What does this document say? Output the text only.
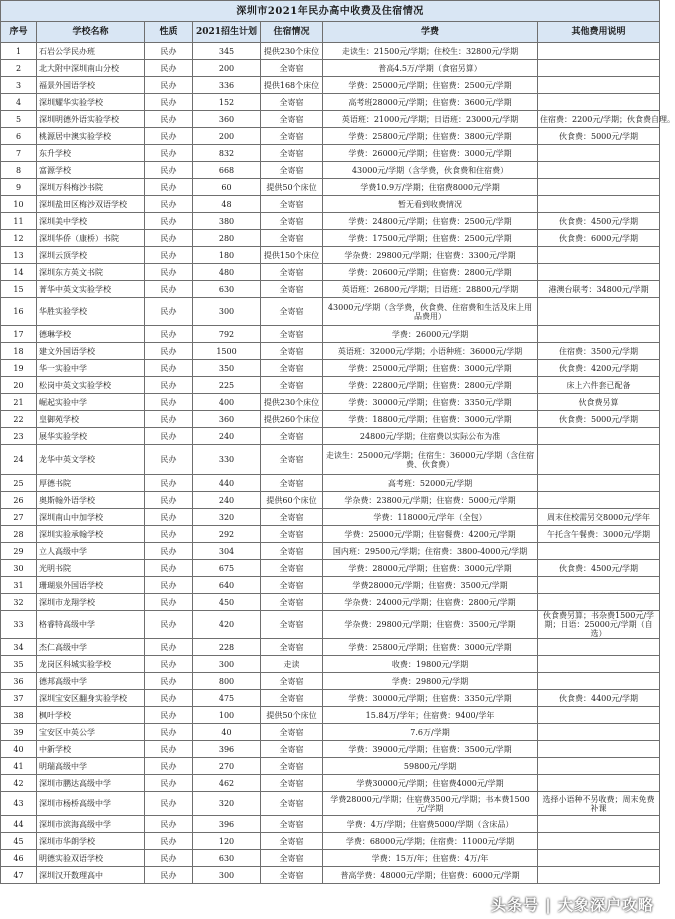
深圳市2021年民办高中收费及住宿情况						
序号	学校名称	性质	2021招生计划	住宿情况	学费	其他费用说明
1	石岩公学民办班	民办	345	提供230个床位	走读生：21500元/学期；住校生：32800元/学期	
2	北大附中深圳南山分校	民办	200	全寄宿	普高4.5万/学期（食宿另算）	
3	福景外国语学校	民办	336	提供168个床位	学费：25000元/学期；住宿费：2500元/学期	
4	深圳耀华实验学校	民办	152	全寄宿	高考班28000元/学期；住宿费：3600元/学期	
5	深圳明德外语实验学校	民办	360	全寄宿	英语班：21000元/学期；日语班：23000元/学期	住宿费：2200元/学期；伙食费自理。
6	桃源居中澳实验学校	民办	200	全寄宿	学费：25800元/学期；住宿费：3800元/学期	伙食费：5000元/学期
7	东升学校	民办	832	全寄宿	学费：26000元/学期；住宿费：3000元/学期	
8	富源学校	民办	668	全寄宿	43000元/学期（含学费，伙食费和住宿费）	
9	深圳万科梅沙书院	民办	60	提供50个床位	学费10.9万/学期；住宿费8000元/学期	
10	深圳盐田区梅沙双语学校	民办	48	全寄宿	暂无看到收费情况	
11	深圳美中学校	民办	380	全寄宿	学费：24800元/学期；住宿费：2500元/学期	伙食费：4500元/学期
12	深圳华侨（康桥）书院	民办	280	全寄宿	学费：17500元/学期；住宿费：2500元/学期	伙食费：6000元/学期
13	深圳云顶学校	民办	180	提供150个床位	学杂费：29800元/学期；住宿费：3300元/学期	
14	深圳东方英文书院	民办	480	全寄宿	学费：20600元/学期；住宿费：2800元/学期	
15	菁华中英文实验学校	民办	630	全寄宿	英语班：26800元/学期；日语班：28800元/学期	港澳台联考：34800元/学期
16	华胜实验学校	民办	300	全寄宿	43000元/学期（含学费，伙食费、住宿费和生活及床上用品费用）	
17	德琳学校	民办	792	全寄宿	学费：26000元/学期	
18	建文外国语学校	民办	1500	全寄宿	英语班：32000元/学期；小语种班：36000元/学期	住宿费：3500元/学期
19	华一实验中学	民办	350	全寄宿	学费：25000元/学期；住宿费：3000元/学期	伙食费：4200元/学期
20	松岗中英文实验学校	民办	225	全寄宿	学费：22800元/学期；住宿费：2800元/学期	床上六件套已配备
21	崛起实验中学	民办	400	提供230个床位	学费：30000元/学期；住宿费：3350元/学期	伙食费另算
22	皇御苑学校	民办	360	提供260个床位	学费：18800元/学期；住宿费：3000元/学期	伙食费：5000元/学期
23	展华实验学校	民办	240	全寄宿	24800元/学期；住宿费以实际公布为准	
24	龙华中英文学校	民办	330	全寄宿	走读生：25000元/学期；住宿生：36000元/学期（含住宿费、伙食费）	
25	厚德书院	民办	440	全寄宿	高考班：52000元/学期	
26	奥斯翰外语学校	民办	240	提供60个床位	学杂费：23800元/学期；住宿费：5000元/学期	
27	深圳南山中加学校	民办	320	全寄宿	学费：118000元/学年（全包）	周末住校需另交8000元/学年
28	深圳实验承翰学校	民办	292	全寄宿	学费：25000元/学期；住宿餐费：4200元/学期	午托含午餐费：3000元/学期
29	立人高级中学	民办	304	全寄宿	国内班：29500元/学期；住宿费：3800-4000元/学期	
30	光明书院	民办	675	全寄宿	学费：28000元/学期；住宿费：3000元/学期	伙食费：4500元/学期
31	珊瑚泉外国语学校	民办	640	全寄宿	学费28000元/学期；住宿费：3500元/学期	
32	深圳市龙翔学校	民办	450	全寄宿	学杂费：24000元/学期；住宿费：2800元/学期	
33	格睿特高级中学	民办	420	全寄宿	学杂费：29800元/学期；住宿费：3500元/学期	伙食费另算；书杂费1500元/学期；日语：25000元/学期（自选）
34	杰仁高级中学	民办	228	全寄宿	学费：25800元/学期；住宿费：3000元/学期	
35	龙岗区科城实验学校	民办	300	走读	收费：19800元/学期	
36	德邦高级中学	民办	800	全寄宿	学费：29800元/学期	
37	深圳宝安区翻身实验学校	民办	475	全寄宿	学费：30000元/学期；住宿费：3350元/学期	伙食费：4400元/学期
38	枫叶学校	民办	100	提供50个床位	15.84万/学年；住宿费：9400/学年	
39	宝安区中英公学	民办	40	全寄宿	7.6万/学期	
40	中新学校	民办	396	全寄宿	学费：39000元/学期；住宿费：3500元/学期	
41	明瑞高级中学	民办	270	全寄宿	59800元/学期	
42	深圳市鹏达高级中学	民办	462	全寄宿	学费30000元/学期；住宿费4000元/学期	
43	深圳市杨桥高级中学	民办	320	全寄宿	学费28000元/学期；住宿费3500元/学期；书本费1500元/学期	选择小语种不另收费；周末免费补课
44	深圳市滨海高级中学	民办	396	全寄宿	学费：4万/学期；住宿费5000/学期（含床品）	
45	深圳市华朗学校	民办	120	全寄宿	学费：68000元/学期；住宿费：11000元/学期	
46	明德实验双语学校	民办	630	全寄宿	学费：15万/年；住宿费：4万/年	
47	深圳汉开数理高中	民办	300	全寄宿	普高学费：48000元/学期；住宿费：6000元/学期	
头条号 | 大象深户攻略
